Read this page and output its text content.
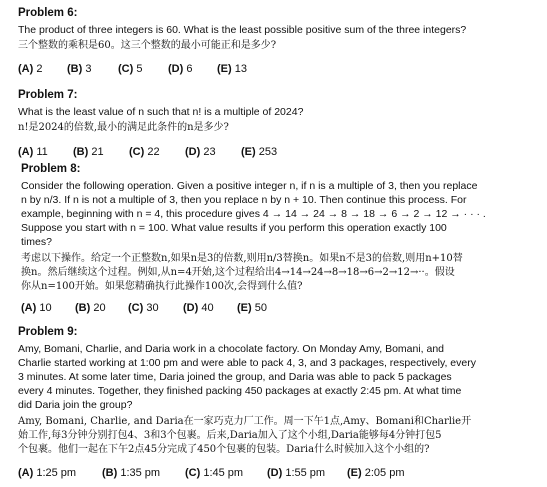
Problem 6:
The product of three integers is 60. What is the least possible positive sum of the three integers?
三个整数的乘积是60。这三个整数的最小可能正和是多少?
(A) 2 (B) 3 (C) 5 (D) 6 (E) 13
Problem 7:
What is the least value of n such that n! is a multiple of 2024?
n!是2024的倍数,最小的满足此条件的n是多少?
(A) 11 (B) 21 (C) 22 (D) 23 (E) 253
Problem 8:
Consider the following operation. Given a positive integer n, if n is a multiple of 3, then you replace
n by n/3. If n is not a multiple of 3, then you replace n by n + 10. Then continue this process. For
example, beginning with n = 4, this procedure gives 4 → 14 → 24 → 8 → 18 → 6 → 2 → 12 → · · · .
Suppose you start with n = 100. What value results if you perform this operation exactly 100
times?
考虑以下操作。给定一个正整数n,如果n是3的倍数,则用n/3替换n。如果n不是3的倍数,则用n+10替
换n。然后继续这个过程。例如,从n=4开始,这个过程给出4→14→24→8→18→6→2→12→··。假设
你从n=100开始。如果您精确执行此操作100次,会得到什么值?
(A) 10 (B) 20 (C) 30 (D) 40 (E) 50
Problem 9:
Amy, Bomani, Charlie, and Daria work in a chocolate factory. On Monday Amy, Bomani, and
Charlie started working at 1:00 pm and were able to pack 4, 3, and 3 packages, respectively, every
3 minutes. At some later time, Daria joined the group, and Daria was able to pack 5 packages
every 4 minutes. Together, they finished packing 450 packages at exactly 2:45 pm. At what time
did Daria join the group?
Amy, Bomani, Charlie, and Daria在一家巧克力厂工作。周一下午1点,Amy、Bomani和Charlie开
始工作,每3分钟分别打包4、3和3个包裹。后来,Daria加入了这个小组,Daria能够每4分钟打包5
个包裹。他们一起在下午2点45分完成了450个包裹的包装。Daria什么时候加入这个小组的?
(A) 1:25 pm (B) 1:35 pm (C) 1:45 pm (D) 1:55 pm (E) 2:05 pm
